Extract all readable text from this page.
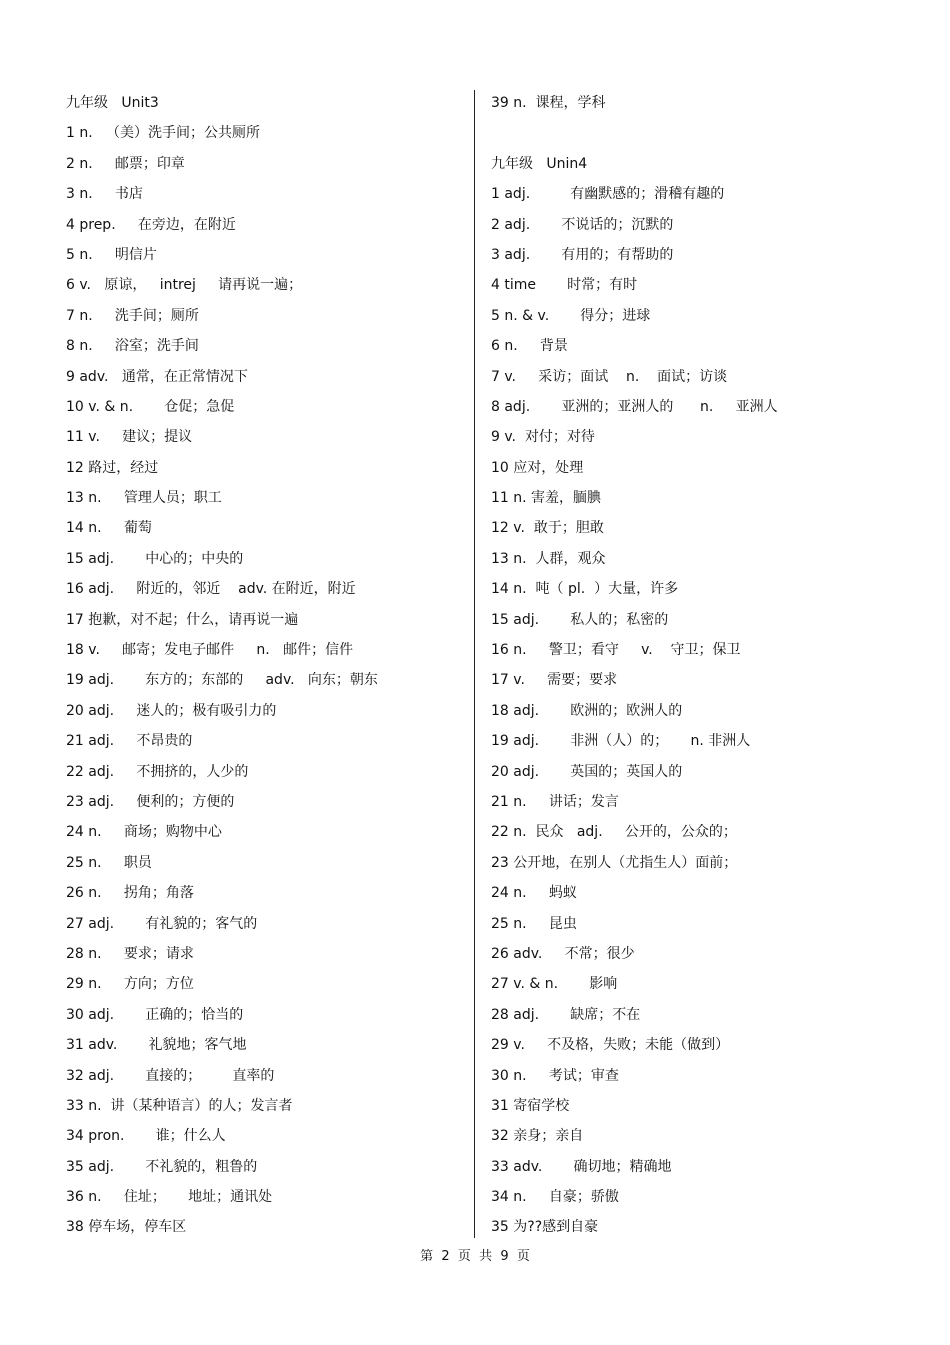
九年级   Unit3
1 n.   （美）洗手间；公共厕所
2 n.     邮票；印章
3 n.     书店
4 prep.     在旁边，在附近
5 n.     明信片
6 v.   原谅，   intrej     请再说一遍；
7 n.     洗手间；厕所
8 n.     浴室；洗手间
9 adv.   通常，在正常情况下
10 v. & n.       仓促；急促
11 v.     建议；提议
12 路过，经过
13 n.     管理人员；职工
14 n.     葡萄
15 adj.       中心的；中央的
16 adj.     附近的，邻近    adv. 在附近，附近
17 抱歉，对不起；什么，请再说一遍
18 v.     邮寄；发电子邮件     n.   邮件；信件
19 adj.       东方的；东部的     adv.   向东；朝东
20 adj.     迷人的；极有吸引力的
21 adj.     不昂贵的
22 adj.     不拥挤的，人少的
23 adj.     便利的；方便的
24 n.     商场；购物中心
25 n.     职员
26 n.     拐角；角落
27 adj.       有礼貌的；客气的
28 n.     要求；请求
29 n.     方向；方位
30 adj.       正确的；恰当的
31 adv.       礼貌地；客气地
32 adj.       直接的；       直率的
33 n.  讲（某种语言）的人；发言者
34 pron.       谁；什么人
35 adj.       不礼貌的，粗鲁的
36 n.     住址；     地址；通讯处
38 停车场，停车区
39 n.  课程，学科
九年级   Unin4
1 adj.         有幽默感的；滑稽有趣的
2 adj.       不说话的；沉默的
3 adj.       有用的；有帮助的
4 time       时常；有时
5 n. & v.       得分；进球
6 n.     背景
7 v.     采访；面试    n.    面试；访谈
8 adj.       亚洲的；亚洲人的      n.     亚洲人
9 v.  对付；对待
10 应对，处理
11 n. 害羞，腼腆
12 v.  敢于；胆敢
13 n.  人群，观众
14 n.  吨（ pl.  ）大量，许多
15 adj.       私人的；私密的
16 n.     警卫；看守     v.    守卫；保卫
17 v.     需要；要求
18 adj.       欧洲的；欧洲人的
19 adj.       非洲（人）的；     n. 非洲人
20 adj.       英国的；英国人的
21 n.     讲话；发言
22 n.  民众   adj.     公开的，公众的；
23 公开地，在别人（尤指生人）面前；
24 n.     蚂蚁
25 n.     昆虫
26 adv.     不常；很少
27 v. & n.       影响
28 adj.       缺席；不在
29 v.     不及格，失败；未能（做到）
30 n.     考试；审查
31 寄宿学校
32 亲身；亲自
33 adv.       确切地；精确地
34 n.     自豪；骄傲
35 为??感到自豪
第  2  页  共  9  页
